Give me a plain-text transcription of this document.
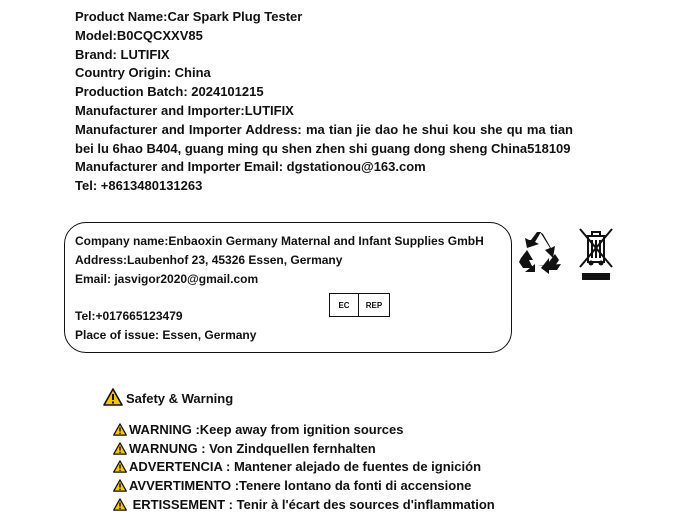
Product Name:Car Spark Plug Tester
Model:B0CQCXXV85
Brand: LUTIFIX
Country Origin: China
Production Batch: 2024101215
Manufacturer and Importer:LUTIFIX
Manufacturer and Importer Address: ma tian jie dao he shui kou she qu ma tian bei lu 6hao B404, guang ming qu shen zhen shi guang dong sheng China518109
Manufacturer and Importer Email: dgstationou@163.com
Tel: +8613480131263
Company name:Enbaoxin Germany Maternal and Infant Supplies GmbH
Address:Laubenhof 23, 45326 Essen, Germany
Email: jasvigor2020@gmail.com
EC	REP
Tel:+017665123479
Place of issue: Essen, Germany
Safety & Warning
WARNING :Keep away from ignition sources
WARNUNG : Von Zindquellen fernhalten
ADVERTENCIA : Mantener alejado de fuentes de ignición
AVVERTIMENTO :Tenere lontano da fonti di accensione
ERTISSEMENT : Tenir à l'écart des sources d'inflammation
